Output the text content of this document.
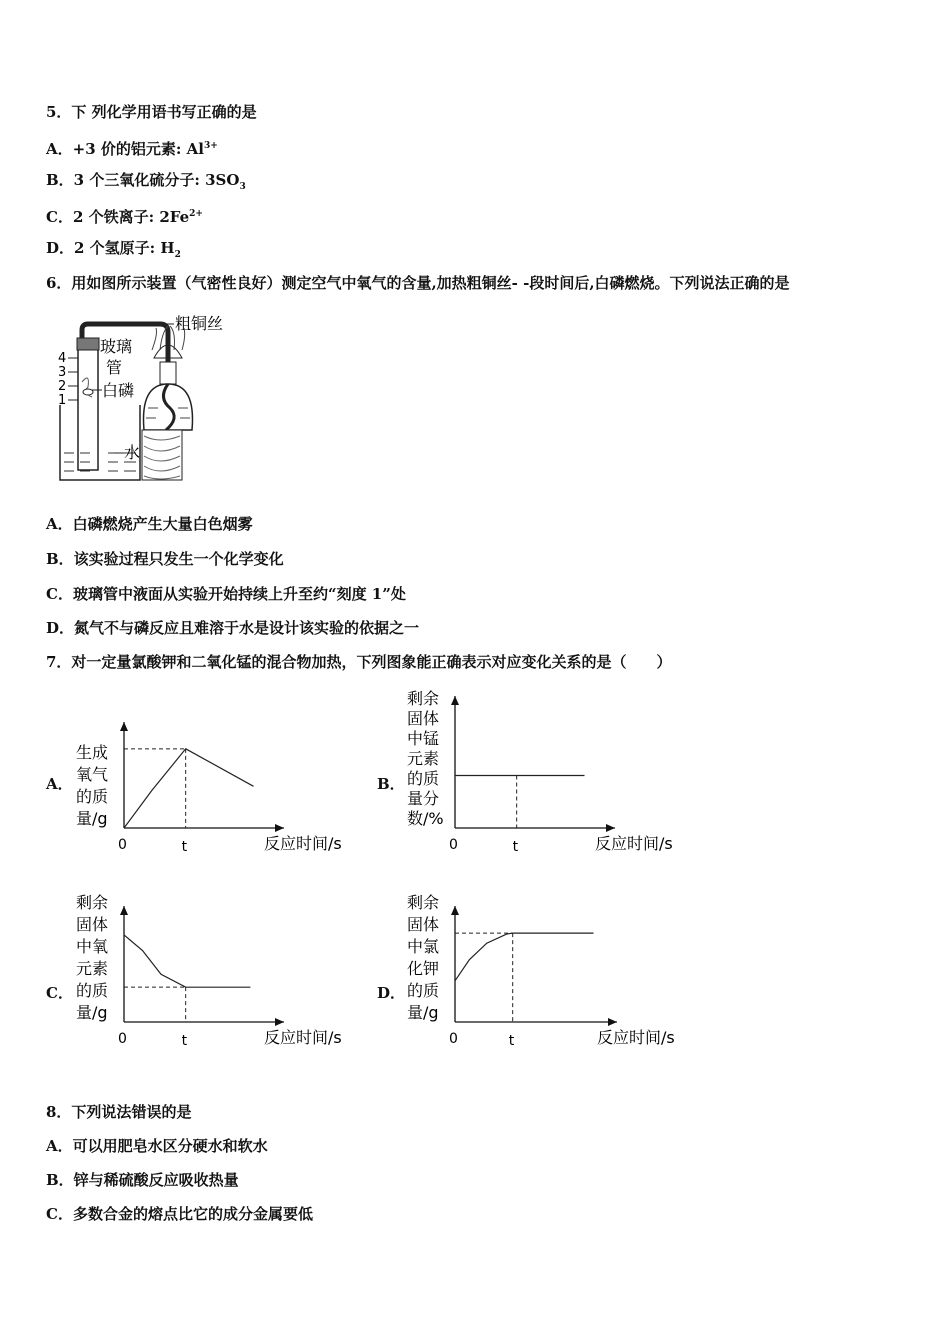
5．下 列化学用语书写正确的是
A．+3 价的铝元素: $Al^{3+}$
B．3 个三氧化硫分子: $3SO_3$
C．2 个铁离子: $2Fe^{2+}$
D．2 个氢原子: $H_2$
6．用如图所示装置（气密性良好）测定空气中氧气的含量,加热粗铜丝- -段时间后,白磷燃烧。下列说法正确的是
4
3
2
1
粗铜丝
玻璃
管
白磷
水
A．白磷燃烧产生大量白色烟雾
B．该实验过程只发生一个化学变化
C．玻璃管中液面从实验开始持续上升至约“刻度 1”处
D．氮气不与磷反应且难溶于水是设计该实验的依据之一
7．对一定量氯酸钾和二氧化锰的混合物加热，下列图象能正确表示对应变化关系的是（　　）
A．
生成
氧气
的质
量/g
0	t	反应时间/s
B．
剩余
固体
中锰
元素
的质
量分
数/%
0	t	反应时间/s
C．
剩余
固体
中氧
元素
的质
量/g
0	t	反应时间/s
D．
剩余
固体
中氯
化钾
的质
量/g
0	t	反应时间/s
8．下列说法错误的是
A．可以用肥皂水区分硬水和软水
B．锌与稀硫酸反应吸收热量
C．多数合金的熔点比它的成分金属要低
